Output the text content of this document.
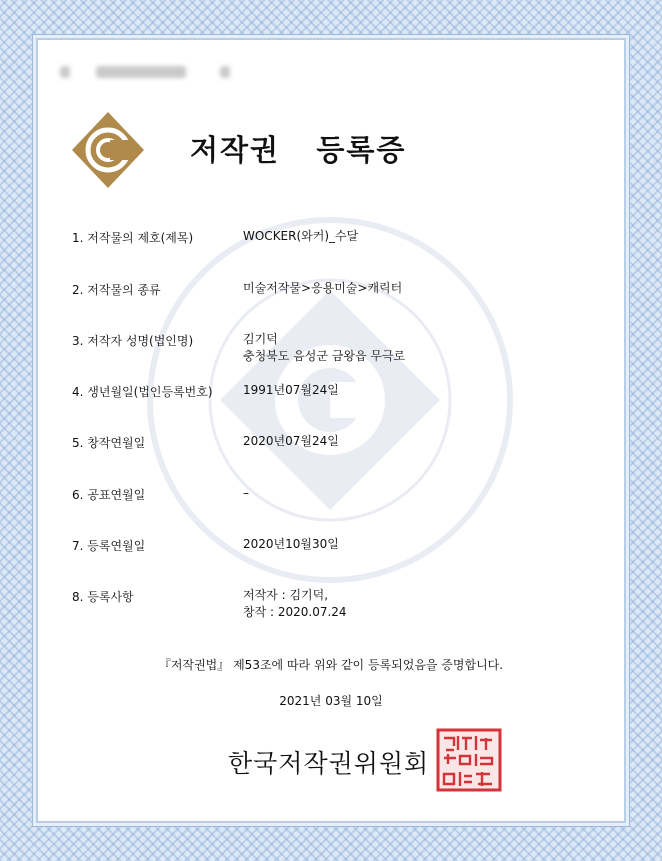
저작권   등록증
1. 저작물의 제호(제목)	WOCKER(와커)_수달
2. 저작물의 종류	미술저작물>응용미술>캐릭터
3. 저작자 성명(법인명)	김기덕
충청북도 음성군 금왕읍 무극로
4. 생년월일(법인등록번호)	1991년07월24일
5. 창작연월일	2020년07월24일
6. 공표연월일	–
7. 등록연월일	2020년10월30일
8. 등록사항	저작자 : 김기덕,
창작 : 2020.07.24
『저작권법』 제53조에 따라 위와 같이 등록되었음을 증명합니다.
2021년 03월 10일
한국저작권위원회
